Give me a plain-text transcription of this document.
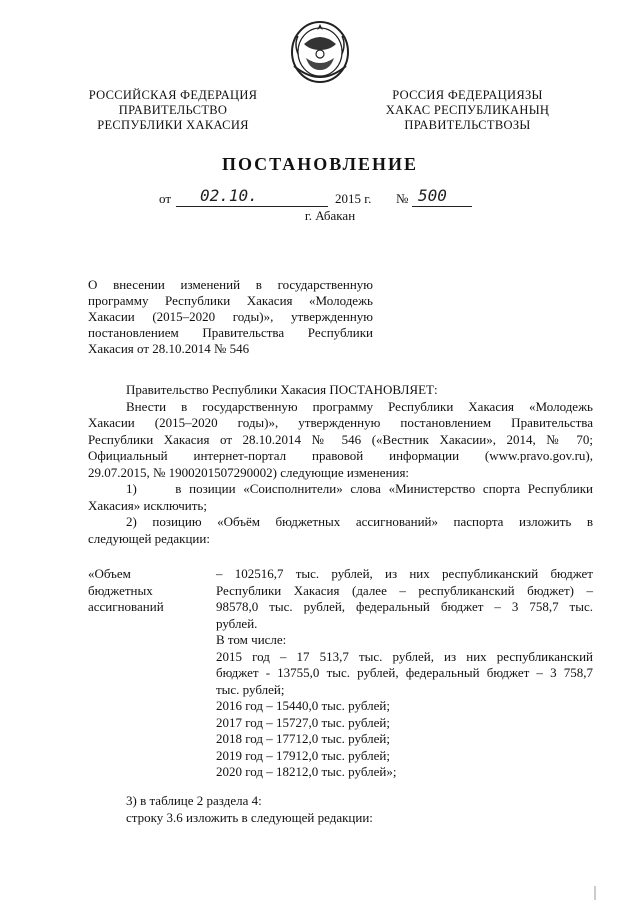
РОССИЙСКАЯ ФЕДЕРАЦИЯ
ПРАВИТЕЛЬСТВО
РЕСПУБЛИКИ ХАКАСИЯ
РОССИЯ ФЕДЕРАЦИЯЗЫ
ХАКАС РЕСПУБЛИКАНЫҢ
ПРАВИТЕЛЬСТВОЗЫ
ПОСТАНОВЛЕНИЕ
от 02.10.	2015 г. № 500
г. Абакан
О внесении изменений в государственную
программу Республики Хакасия «Молодежь
Хакасии (2015–2020 годы)», утвержденную
постановлением Правительства Республики
Хакасия от 28.10.2014 № 546
Правительство Республики Хакасия ПОСТАНОВЛЯЕТ:
Внести в государственную программу Республики Хакасия «Молодежь
Хакасии (2015–2020 годы)», утвержденную постановлением Правительства
Республики Хакасия от 28.10.2014 № 546 («Вестник Хакасии», 2014, № 70;
Официальный интернет-портал правовой информации (www.pravo.gov.ru),
29.07.2015, № 1900201507290002) следующие изменения:
1)     в позиции «Соисполнители» слова «Министерство спорта Республики
Хакасия» исключить;
2) позицию «Объём бюджетных ассигнований» паспорта изложить в
следующей редакции:
«Объем
бюджетных
ассигнований
– 102516,7 тыс. рублей, из них республиканский бюджет
Республики Хакасия (далее – республиканский бюджет) –
98578,0 тыс. рублей, федеральный бюджет – 3 758,7 тыс.
рублей.
В том числе:
2015 год – 17 513,7 тыс. рублей, из них республиканский
бюджет - 13755,0 тыс. рублей, федеральный бюджет – 3 758,7
тыс. рублей;
2016 год – 15440,0 тыс. рублей;
2017 год – 15727,0 тыс. рублей;
2018 год – 17712,0 тыс. рублей;
2019 год – 17912,0 тыс. рублей;
2020 год – 18212,0 тыс. рублей»;
3) в таблице 2 раздела 4:
строку 3.6 изложить в следующей редакции:
